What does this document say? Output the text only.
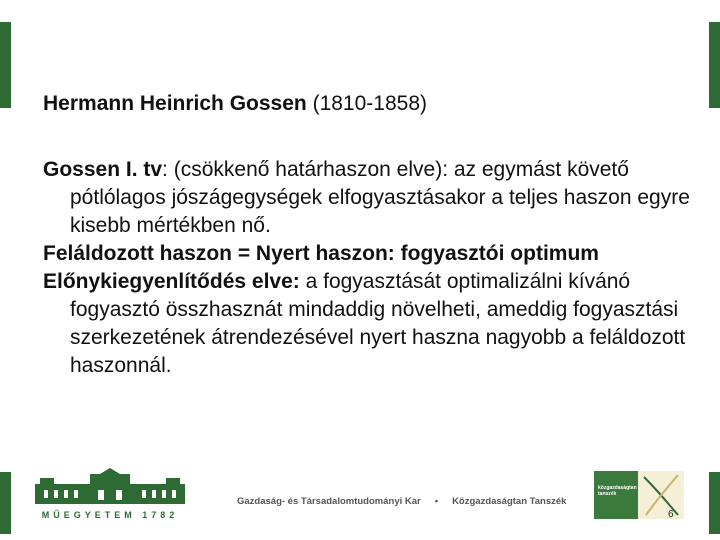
Hermann Heinrich Gossen (1810-1858)

Gossen I. tv: (csökkenő határhaszon elve): az egymást követő pótlólagos jószágegységek elfogyasztásakor a teljes haszon egyre kisebb mértékben nő.

Feláldozott haszon = Nyert haszon: fogyasztói optimum

Előnykiegyenlítődés elve: a fogyasztását optimalizálni kívánó fogyasztó összhasznát mindaddig növelheti, ameddig fogyasztási szerkezetének átrendezésével nyert haszna nagyobb a feláldozott haszonnál.

MŰEGYETEM 1782
Gazdaság- és Társadalomtudományi Kar • Közgazdaságtan Tanszék
közgazdaságtan tanszék
6
